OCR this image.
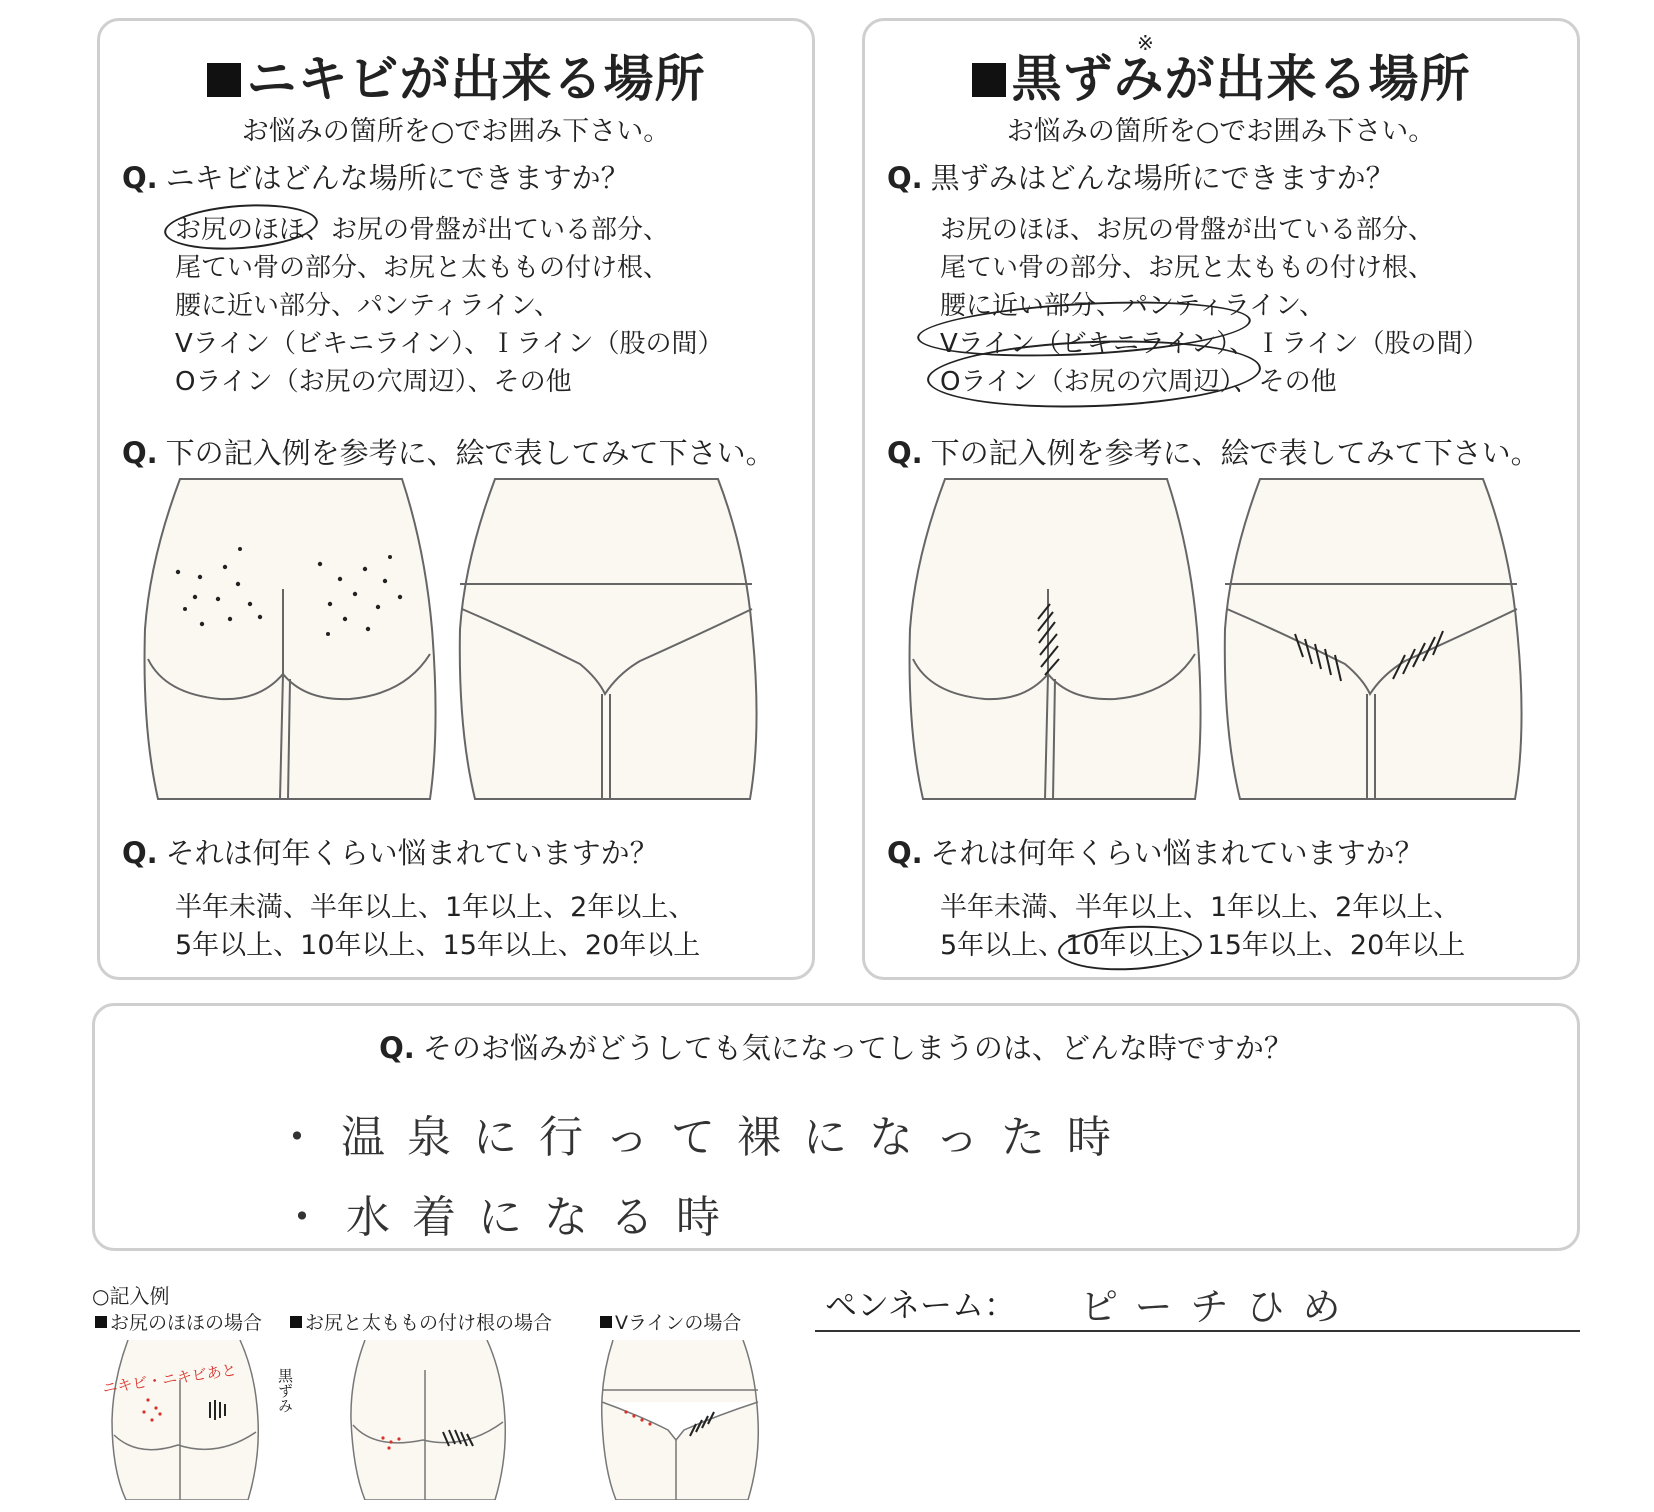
ニキビが出来る場所
お悩みの箇所を○でお囲み下さい。
Q. ニキビはどんな場所にできますか？
お尻のほほ、お尻の骨盤が出ている部分、
尾てい骨の部分、お尻と太ももの付け根、
腰に近い部分、パンティライン、
Vライン（ビキニライン）、Ｉライン（股の間）
Oライン（お尻の穴周辺）、その他
Q. 下の記入例を参考に、絵で表してみて下さい。
Q. それは何年くらい悩まれていますか？
半年未満、半年以上、1年以上、2年以上、
5年以上、10年以上、15年以上、20年以上
※
黒ずみが出来る場所
お悩みの箇所を○でお囲み下さい。
Q. 黒ずみはどんな場所にできますか？
お尻のほほ、お尻の骨盤が出ている部分、
尾てい骨の部分、お尻と太ももの付け根、
腰に近い部分、パンティライン、
Vライン（ビキニライン）、Ｉライン（股の間）
Oライン（お尻の穴周辺）、その他
Q. 下の記入例を参考に、絵で表してみて下さい。
Q. それは何年くらい悩まれていますか？
半年未満、半年以上、1年以上、2年以上、
5年以上、10年以上、15年以上、20年以上
Q. そのお悩みがどうしても気になってしまうのは、どんな時ですか？
・温泉に行って裸になった時
・水着になる時
○記入例
お尻のほほの場合	お尻と太ももの付け根の場合	Vラインの場合
ニキビ・ニキビあと	黒ずみ
ペンネーム： ピーチひめ
